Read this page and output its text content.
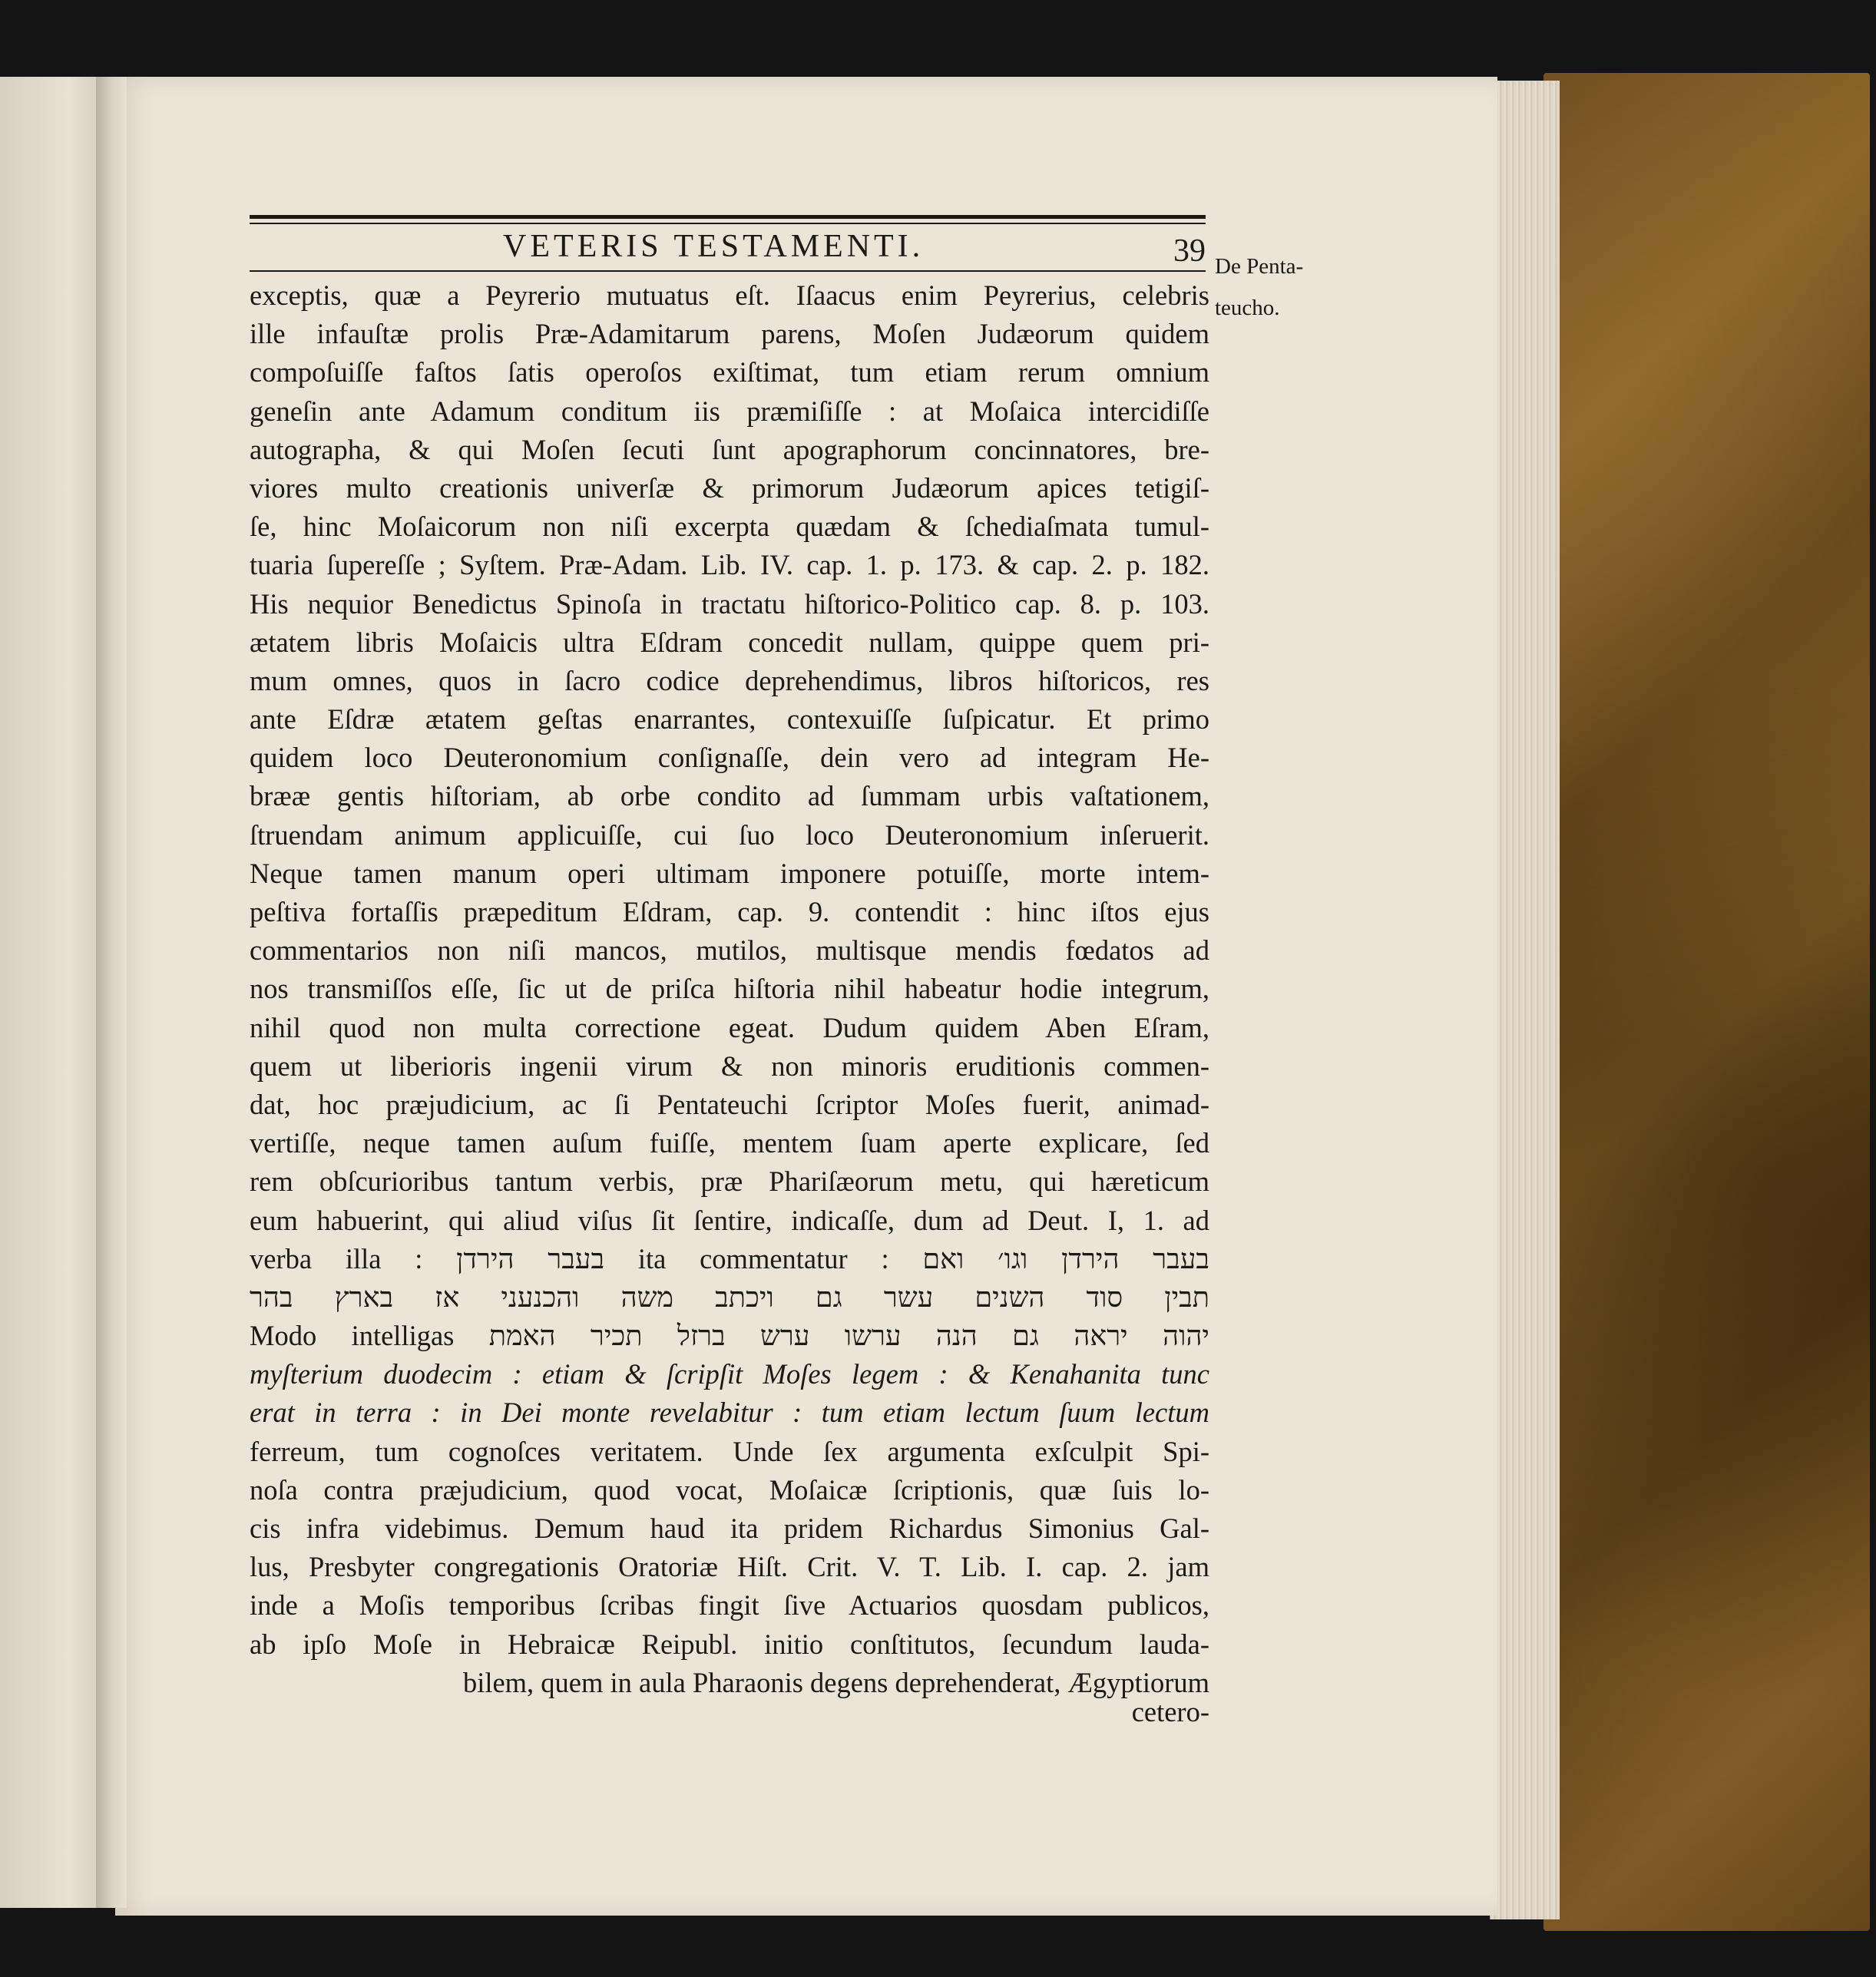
VETERIS TESTAMENTI.	39 De Penta-
teucho.
exceptis, quæ a Peyrerio mutuatus eſt. Iſaacus enim Peyrerius, celebris
ille infauſtæ prolis Præ-Adamitarum parens, Moſen Judæorum quidem
compoſuiſſe faſtos ſatis operoſos exiſtimat, tum etiam rerum omnium
geneſin ante Adamum conditum iis præmiſiſſe : at Moſaica intercidiſſe
autographa, & qui Moſen ſecuti ſunt apographorum concinnatores, bre-
viores multo creationis univerſæ & primorum Judæorum apices tetigiſ-
ſe, hinc Moſaicorum non niſi excerpta quædam & ſchediaſmata tumul-
tuaria ſupereſſe ; Syſtem. Præ-Adam. Lib. IV. cap. 1. p. 173. & cap. 2. p. 182.
His nequior Benedictus Spinoſa in tractatu hiſtorico-Politico cap. 8. p. 103.
ætatem libris Moſaicis ultra Eſdram concedit nullam, quippe quem pri-
mum omnes, quos in ſacro codice deprehendimus, libros hiſtoricos, res
ante Eſdræ ætatem geſtas enarrantes, contexuiſſe ſuſpicatur. Et primo
quidem loco Deuteronomium conſignaſſe, dein vero ad integram He-
brææ gentis hiſtoriam, ab orbe condito ad ſummam urbis vaſtationem,
ſtruendam animum applicuiſſe, cui ſuo loco Deuteronomium inſeruerit.
Neque tamen manum operi ultimam imponere potuiſſe, morte intem-
peſtiva fortaſſis præpeditum Eſdram, cap. 9. contendit : hinc iſtos ejus
commentarios non niſi mancos, mutilos, multisque mendis fœdatos ad
nos transmiſſos eſſe, ſic ut de priſca hiſtoria nihil habeatur hodie integrum,
nihil quod non multa correctione egeat. Dudum quidem Aben Eſram,
quem ut liberioris ingenii virum & non minoris eruditionis commen-
dat, hoc præjudicium, ac ſi Pentateuchi ſcriptor Moſes fuerit, animad-
vertiſſe, neque tamen auſum fuiſſe, mentem ſuam aperte explicare, ſed
rem obſcurioribus tantum verbis, præ Phariſæorum metu, qui hæreticum
eum habuerint, qui aliud viſus ſit ſentire, indicaſſe, dum ad Deut. I, 1. ad
verba illa : בעבר הירדן ita commentatur : בעבר הירדן וגו׳ ואם
תבין סוד השנים עשר גם ויכתב משה והכנעני אז בארץ בהר
יהוה יראה גם הנה ערשו ערש ברזל תכיר האמת Modo intelligas
myſterium duodecim : etiam & ſcripſit Moſes legem : & Kenahanita tunc
erat in terra : in Dei monte revelabitur : tum etiam lectum ſuum lectum
ferreum, tum cognoſces veritatem. Unde ſex argumenta exſculpit Spi-
noſa contra præjudicium, quod vocat, Moſaicæ ſcriptionis, quæ ſuis lo-
cis infra videbimus. Demum haud ita pridem Richardus Simonius Gal-
lus, Presbyter congregationis Oratoriæ Hiſt. Crit. V. T. Lib. I. cap. 2. jam
inde a Moſis temporibus ſcribas fingit ſive Actuarios quosdam publicos,
ab ipſo Moſe in Hebraicæ Reipubl. initio conſtitutos, ſecundum lauda-
bilem, quem in aula Pharaonis degens deprehenderat, Ægyptiorum
cetero-
